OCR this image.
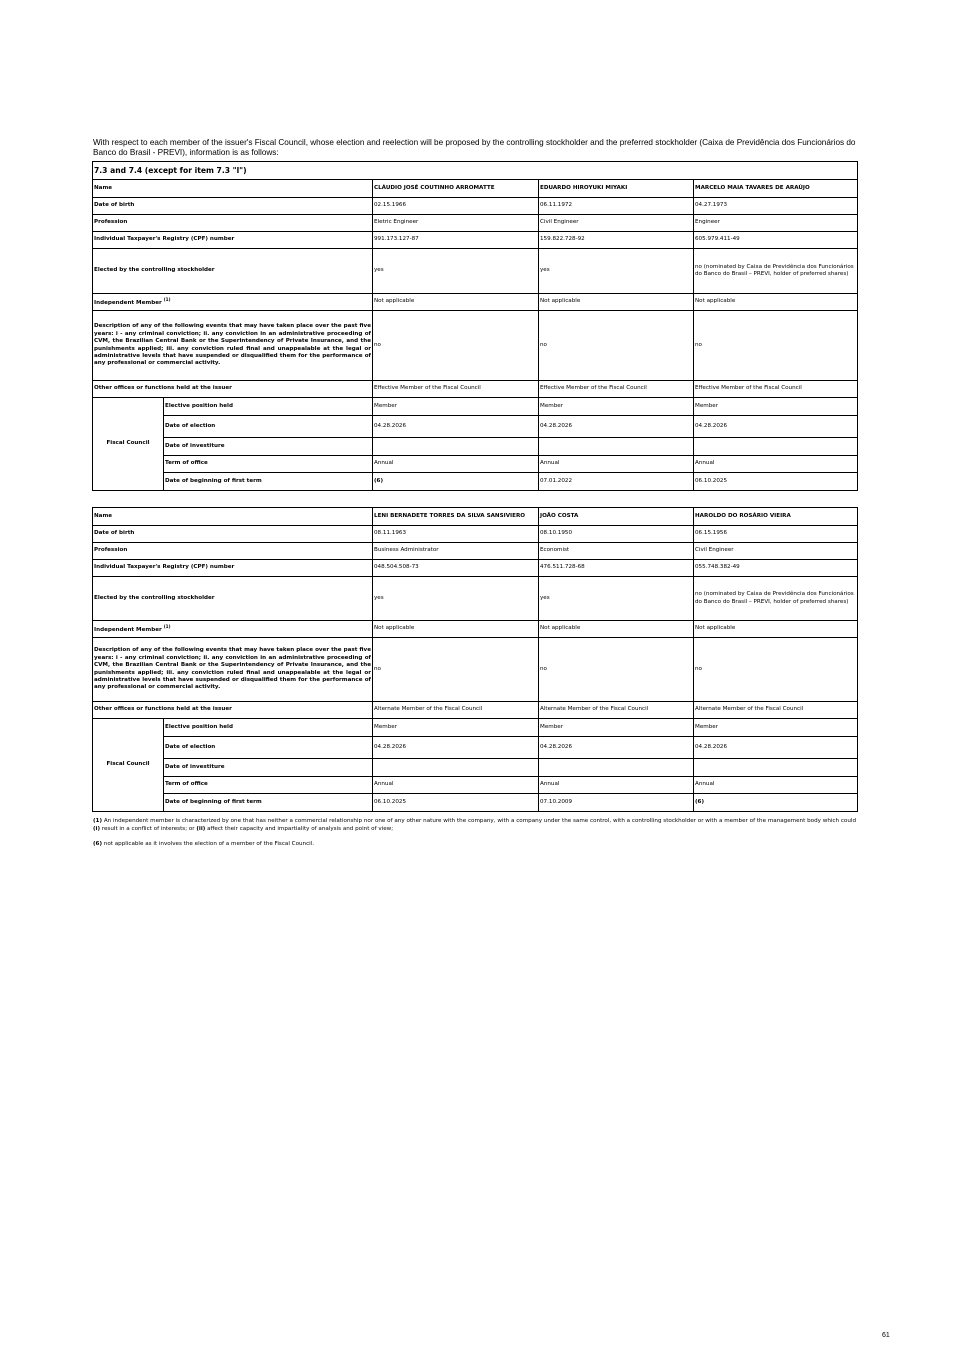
With respect to each member of the issuer's Fiscal Council, whose election and reelection will be proposed by the controlling stockholder and the preferred stockholder (Caixa de Previdência dos Funcionários do Banco do Brasil - PREVI), information is as follows:
7.3 and 7.4 (except for item 7.3 "l")				
Name		CLÁUDIO JOSÉ COUTINHO ARROMATTE	EDUARDO HIROYUKI MIYAKI	MARCELO MAIA TAVARES DE ARAÚJO
Date of birth		02.15.1966	06.11.1972	04.27.1973
Profession		Eletric Engineer	Civil Engineer	Engineer
Individual Taxpayer's Registry (CPF) number		991.173.127-87	159.822.728-92	605.979.411-49
Elected by the controlling stockholder		yes	yes	no (nominated by Caixa de Previdência dos Funcionários do Banco do Brasil – PREVI, holder of preferred shares)
Independent Member $^{(1)}$		Not applicable	Not applicable	Not applicable
Description of any of the following events that may have taken place over the past five years: i - any criminal conviction; ii. any conviction in an administrative proceeding of CVM, the Brazilian Central Bank or the Superintendency of Private Insurance, and the punishments applied; iii. any conviction ruled final and unappealable at the legal or administrative levels that have suspended or disqualified them for the performance of any professional or commercial activity.		no	no	no
Other offices or functions held at the issuer		Effective Member of the Fiscal Council	Effective Member of the Fiscal Council	Effective Member of the Fiscal Council
Fiscal Council	Elective position held	Member	Member	Member
	Date of election	04.28.2026	04.28.2026	04.28.2026
	Date of investiture			
	Term of office	Annual	Annual	Annual
	Date of beginning of first term	(6)	07.01.2022	06.10.2025
Name		LENI BERNADETE TORRES DA SILVA SANSIVIERO	JOÃO COSTA	HAROLDO DO ROSÁRIO VIEIRA
Date of birth		08.11.1963	08.10.1950	06.15.1956
Profession		Business Administrator	Economist	Civil Engineer
Individual Taxpayer's Registry (CPF) number		048.504.508-73	476.511.728-68	055.748.382-49
Elected by the controlling stockholder		yes	yes	no (nominated by Caixa de Previdência dos Funcionários do Banco do Brasil – PREVI, holder of preferred shares)
Independent Member $^{(1)}$		Not applicable	Not applicable	Not applicable
Description of any of the following events that may have taken place over the past five years: i - any criminal conviction; ii. any conviction in an administrative proceeding of CVM, the Brazilian Central Bank or the Superintendency of Private Insurance, and the punishments applied; iii. any conviction ruled final and unappealable at the legal or administrative levels that have suspended or disqualified them for the performance of any professional or commercial activity.		no	no	no
Other offices or functions held at the issuer		Alternate Member of the Fiscal Council	Alternate Member of the Fiscal Council	Alternate Member of the Fiscal Council
Fiscal Council	Elective position held	Member	Member	Member
	Date of election	04.28.2026	04.28.2026	04.28.2026
	Date of investiture			
	Term of office	Annual	Annual	Annual
	Date of beginning of first term	06.10.2025	07.10.2009	(6)
(1) An independent member is characterized by one that has neither a commercial relationship nor one of any other nature with the company, with a company under the same control, with a controlling stockholder or with a member of the management body which could (i) result in a conflict of interests; or (ii) affect their capacity and impartiality of analysis and point of view;
(6) not applicable as it involves the election of a member of the Fiscal Council.
61
